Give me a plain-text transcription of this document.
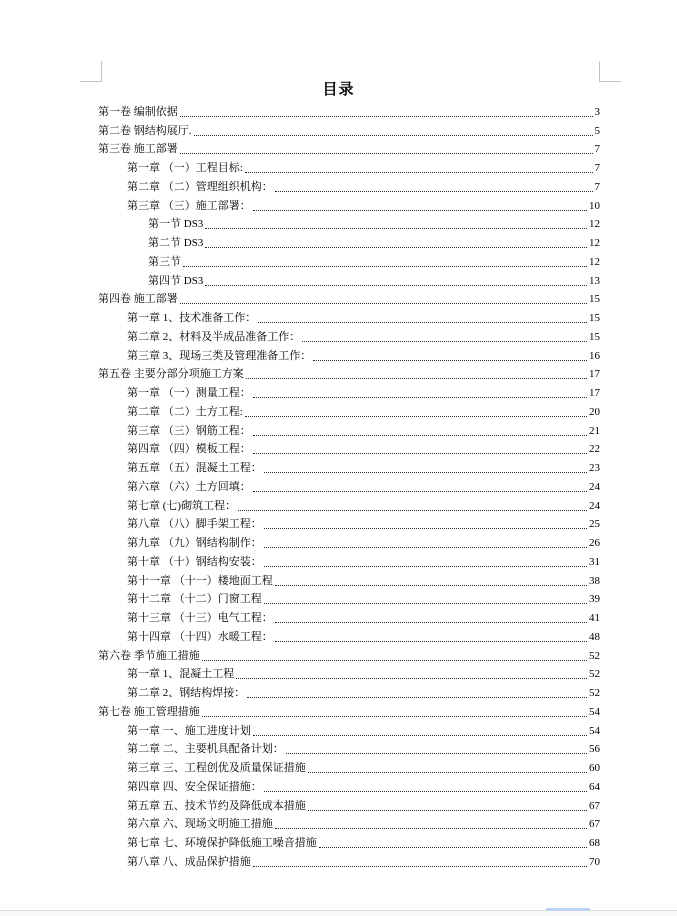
目录
第一卷 编制依据	3
第二卷 钢结构展厅.	5
第三卷 施工部署	7
第一章 （一）工程目标:	7
第二章 （二）管理组织机构：	7
第三章 （三）施工部署：	10
第一节 DS3	12
第二节 DS3	12
第三节	12
第四节 DS3	13
第四卷 施工部署	15
第一章 1、技术准备工作：	15
第二章 2、材料及半成品准备工作：	15
第三章 3、现场三类及管理准备工作：	16
第五卷 主要分部分项施工方案	17
第一章 （一）测量工程：	17
第二章 （二）土方工程:	20
第三章 （三）钢筋工程：	21
第四章 （四）模板工程：	22
第五章 （五）混凝土工程：	23
第六章 （六）土方回填：	24
第七章 (七)砌筑工程：	24
第八章 （八）脚手架工程：	25
第九章 （九）钢结构制作：	26
第十章 （十）钢结构安装：	31
第十一章 （十一）楼地面工程	38
第十二章 （十二）门窗工程	39
第十三章 （十三）电气工程：	41
第十四章 （十四）水暖工程：	48
第六卷 季节施工措施	52
第一章 1、混凝土工程	52
第二章 2、钢结构焊接：	52
第七卷 施工管理措施	54
第一章 一、施工进度计划	54
第二章 二、主要机具配备计划：	56
第三章 三、工程创优及质量保证措施	60
第四章 四、安全保证措施：	64
第五章 五、技术节约及降低成本措施	67
第六章 六、现场文明施工措施	67
第七章 七、环境保护降低施工噪音措施	68
第八章 八、成品保护措施	70
